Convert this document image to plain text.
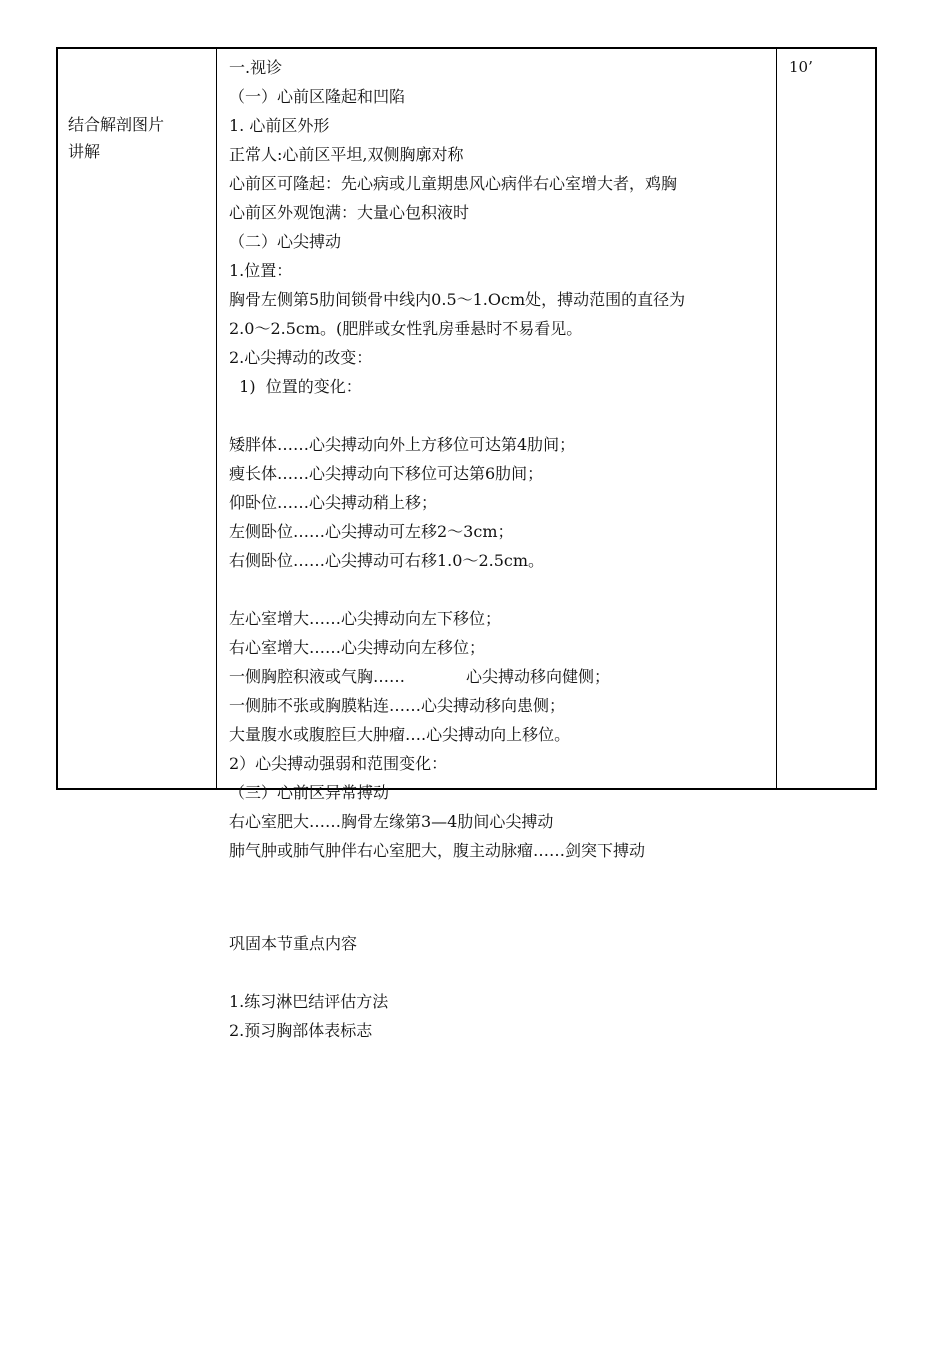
结合解剖图片
讲解
一.视诊
（一）心前区隆起和凹陷
1. 心前区外形
正常人:心前区平坦,双侧胸廓对称
心前区可隆起：先心病或儿童期患风心病伴右心室增大者，鸡胸
心前区外观饱满：大量心包积液时
（二）心尖搏动
1.位置：
胸骨左侧第5肋间锁骨中线内0.5～1.Ocm处，搏动范围的直径为
2.0～2.5cm。(肥胖或女性乳房垂悬时不易看见。
2.心尖搏动的改变：
1)  位置的变化：

矮胖体……心尖搏动向外上方移位可达第4肋间；
瘦长体……心尖搏动向下移位可达第6肋间；
仰卧位……心尖搏动稍上移；
左侧卧位……心尖搏动可左移2～3cm；
右侧卧位……心尖搏动可右移1.0～2.5cm。

左心室增大……心尖搏动向左下移位；
右心室增大……心尖搏动向左移位；
一侧胸腔积液或气胸……            心尖搏动移向健侧；
一侧肺不张或胸膜粘连……心尖搏动移向患侧；
大量腹水或腹腔巨大肿瘤….心尖搏动向上移位。
2）心尖搏动强弱和范围变化：
（三）心前区异常搏动
右心室肥大……胸骨左缘第3—4肋间心尖搏动
肺气肿或肺气肿伴右心室肥大，腹主动脉瘤……剑突下搏动
巩固本节重点内容
1.练习淋巴结评估方法
2.预习胸部体表标志
10’
